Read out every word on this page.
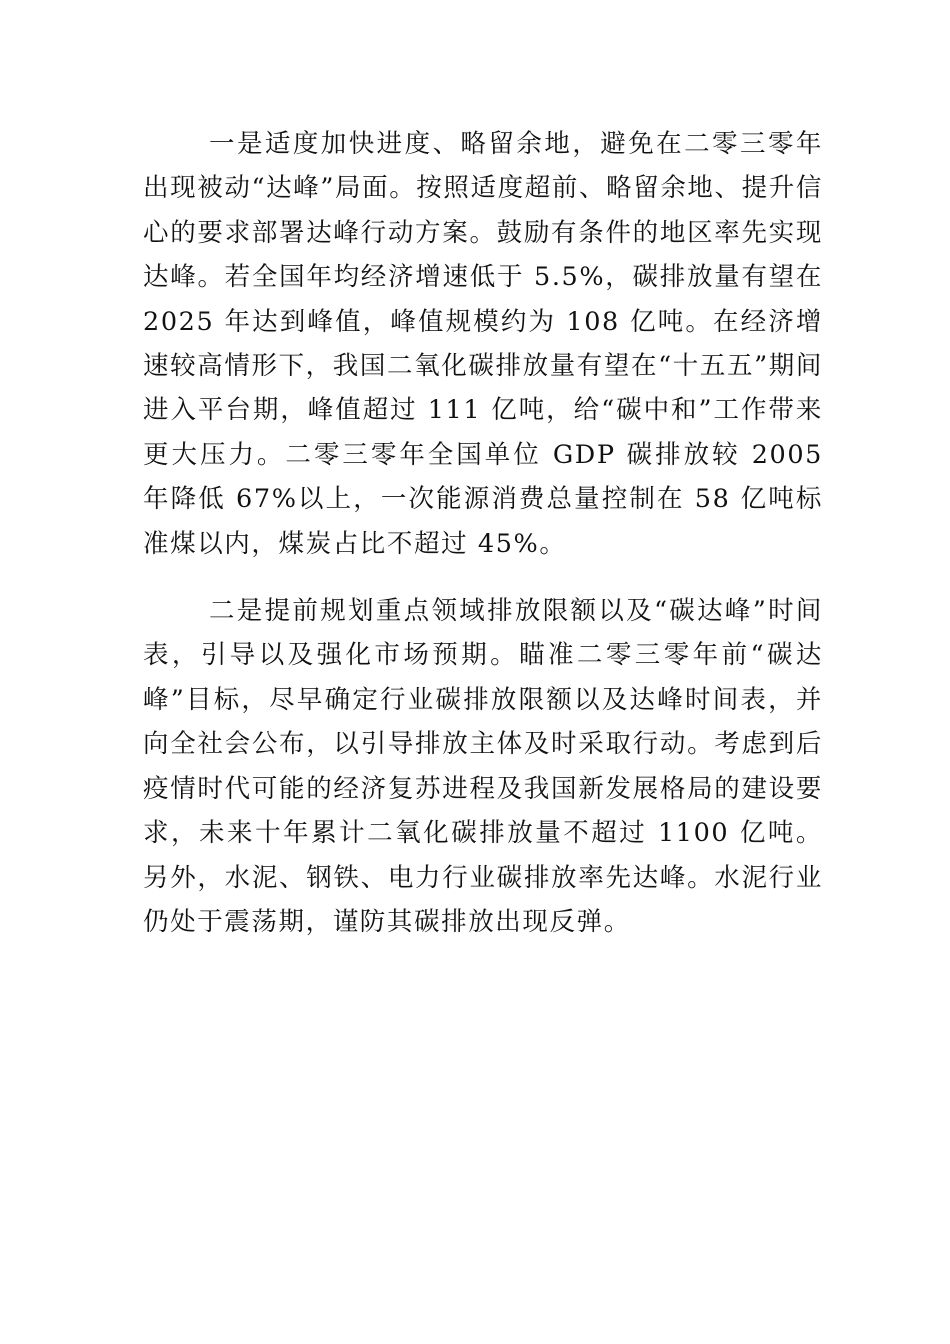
一是适度加快进度、略留余地，避免在二零三零年出现被动“达峰”局面。按照适度超前、略留余地、提升信心的要求部署达峰行动方案。鼓励有条件的地区率先实现达峰。若全国年均经济增速低于 5.5%，碳排放量有望在 2025 年达到峰值，峰值规模约为 108 亿吨。在经济增速较高情形下，我国二氧化碳排放量有望在“十五五”期间进入平台期，峰值超过 111 亿吨，给“碳中和”工作带来更大压力。二零三零年全国单位 GDP 碳排放较 2005 年降低 67%以上，一次能源消费总量控制在 58 亿吨标准煤以内，煤炭占比不超过 45%。

二是提前规划重点领域排放限额以及“碳达峰”时间表，引导以及强化市场预期。瞄准二零三零年前“碳达峰”目标，尽早确定行业碳排放限额以及达峰时间表，并向全社会公布，以引导排放主体及时采取行动。考虑到后疫情时代可能的经济复苏进程及我国新发展格局的建设要求，未来十年累计二氧化碳排放量不超过 1100 亿吨。另外，水泥、钢铁、电力行业碳排放率先达峰。水泥行业仍处于震荡期，谨防其碳排放出现反弹。
